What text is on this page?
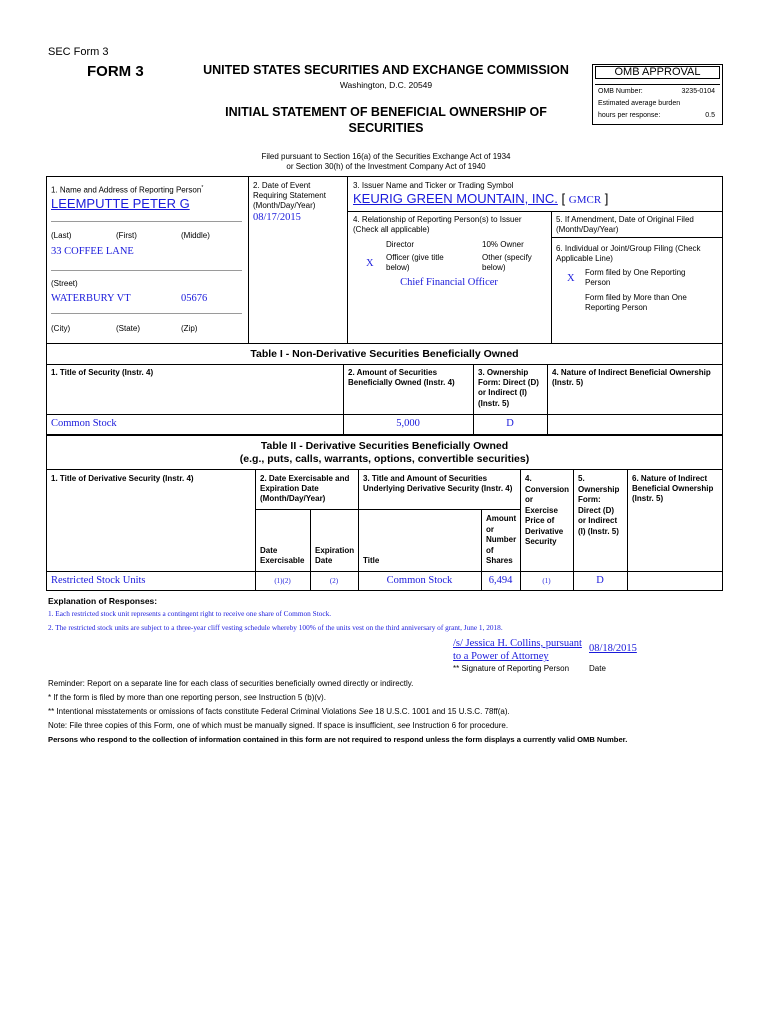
SEC Form 3
FORM 3	UNITED STATES SECURITIES AND EXCHANGE COMMISSION
Washington, D.C. 20549
INITIAL STATEMENT OF BENEFICIAL OWNERSHIP OF
SECURITIES
OMB APPROVAL
OMB Number:	3235-0104
Estimated average burden
hours per response:	0.5
Filed pursuant to Section 16(a) of the Securities Exchange Act of 1934
or Section 30(h) of the Investment Company Act of 1940
1. Name and Address of Reporting Person*
LEEMPUTTE PETER G
(Last)	(First)	(Middle)
33 COFFEE LANE
(Street)
WATERBURY VT	05676
(City)	(State)	(Zip)
2. Date of Event
Requiring Statement
(Month/Day/Year)
08/17/2015
3. Issuer Name and Ticker or Trading Symbol
KEURIG GREEN MOUNTAIN, INC. [ GMCR ]
4. Relationship of Reporting Person(s) to Issuer
(Check all applicable)
Director	10% Owner
X
Officer (give title
below)
Other (specify
below)
Chief Financial Officer
5. If Amendment, Date of Original Filed
(Month/Day/Year)
6. Individual or Joint/Group Filing (Check
Applicable Line)
X
Form filed by One Reporting
Person
Form filed by More than One
Reporting Person
Table I - Non-Derivative Securities Beneficially Owned
1. Title of Security (Instr. 4)	2. Amount of Securities
Beneficially Owned (Instr. 4)
3. Ownership
Form: Direct (D)
or Indirect (I)
(Instr. 5)
4. Nature of Indirect Beneficial Ownership
(Instr. 5)
Common Stock	5,000	D
Table II - Derivative Securities Beneficially Owned
(e.g., puts, calls, warrants, options, convertible securities)
1. Title of Derivative Security (Instr. 4)	2. Date Exercisable and
Expiration Date
(Month/Day/Year)
3. Title and Amount of Securities
Underlying Derivative Security (Instr. 4)
4.
Conversion
or
Exercise
Price of
Derivative
Security
5.
Ownership
Form:
Direct (D)
or Indirect
(I) (Instr. 5)
6. Nature of Indirect
Beneficial Ownership
(Instr. 5)
Date
Exercisable
Expiration
Date	Title
Amount
or
Number
of
Shares
Restricted Stock Units	(1)(2)	(2)	Common Stock	6,494	(1)	D
Explanation of Responses:
1. Each restricted stock unit represents a contingent right to receive one share of Common Stock.
2. The restricted stock units are subject to a three-year cliff vesting schedule whereby 100% of the units vest on the third anniversary of grant, June 1, 2018.
/s/ Jessica H. Collins, pursuant
to a Power of Attorney
08/18/2015
** Signature of Reporting Person Date
Reminder: Report on a separate line for each class of securities beneficially owned directly or indirectly.
* If the form is filed by more than one reporting person, see Instruction 5 (b)(v).
** Intentional misstatements or omissions of facts constitute Federal Criminal Violations See 18 U.S.C. 1001 and 15 U.S.C. 78ff(a).
Note: File three copies of this Form, one of which must be manually signed. If space is insufficient, see Instruction 6 for procedure.
Persons who respond to the collection of information contained in this form are not required to respond unless the form displays a currently valid OMB Number.
